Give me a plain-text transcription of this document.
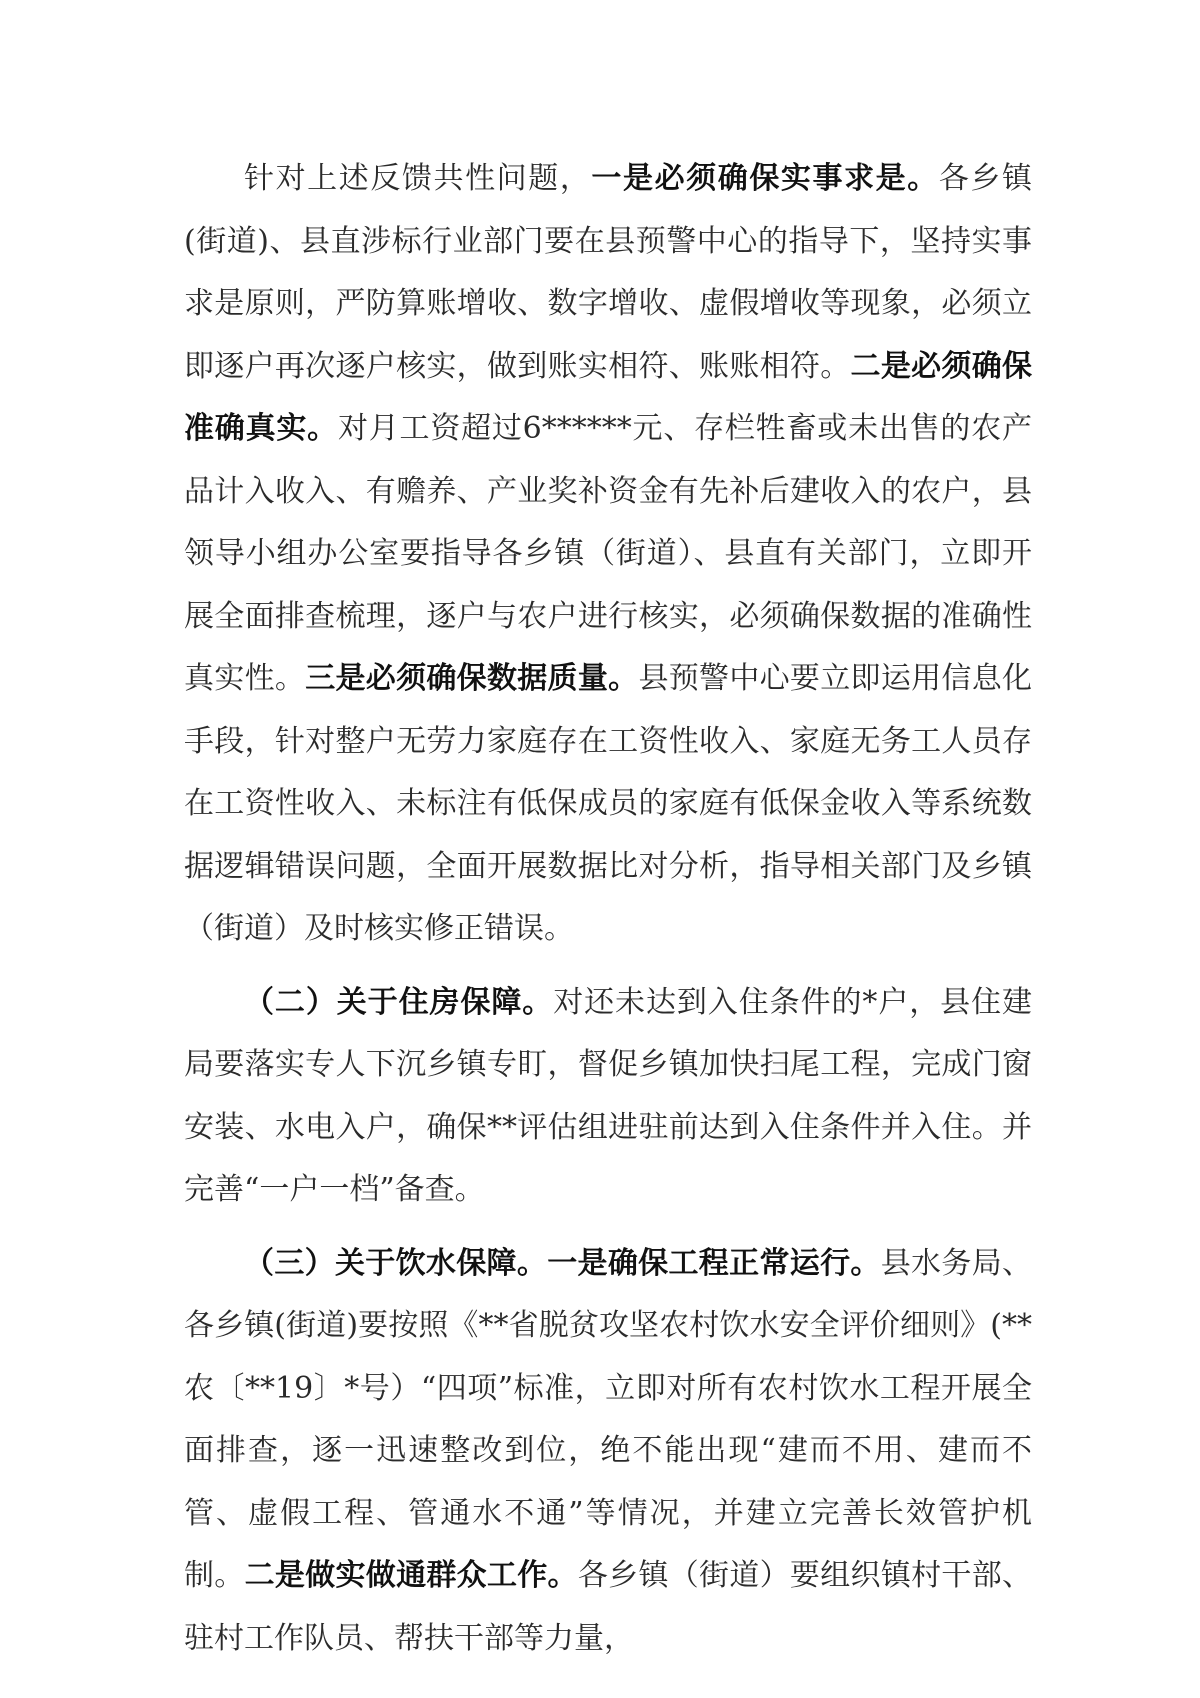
针对上述反馈共性问题，一是必须确保实事求是。各乡镇(街道)、县直涉标行业部门要在县预警中心的指导下，坚持实事求是原则，严防算账增收、数字增收、虚假增收等现象，必须立即逐户再次逐户核实，做到账实相符、账账相符。二是必须确保准确真实。对月工资超过6******元、存栏牲畜或未出售的农产品计入收入、有赡养、产业奖补资金有先补后建收入的农户，县领导小组办公室要指导各乡镇（街道）、县直有关部门，立即开展全面排查梳理，逐户与农户进行核实，必须确保数据的准确性真实性。三是必须确保数据质量。县预警中心要立即运用信息化手段，针对整户无劳力家庭存在工资性收入、家庭无务工人员存在工资性收入、未标注有低保成员的家庭有低保金收入等系统数据逻辑错误问题，全面开展数据比对分析，指导相关部门及乡镇（街道）及时核实修正错误。

（二）关于住房保障。对还未达到入住条件的*户，县住建局要落实专人下沉乡镇专盯，督促乡镇加快扫尾工程，完成门窗安装、水电入户，确保**评估组进驻前达到入住条件并入住。并完善“一户一档”备查。

（三）关于饮水保障。一是确保工程正常运行。县水务局、各乡镇(街道)要按照《**省脱贫攻坚农村饮水安全评价细则》(**农〔**19〕*号）“四项”标准，立即对所有农村饮水工程开展全面排查，逐一迅速整改到位，绝不能出现“建而不用、建而不管、虚假工程、管通水不通”等情况，并建立完善长效管护机制。二是做实做通群众工作。各乡镇（街道）要组织镇村干部、驻村工作队员、帮扶干部等力量，
